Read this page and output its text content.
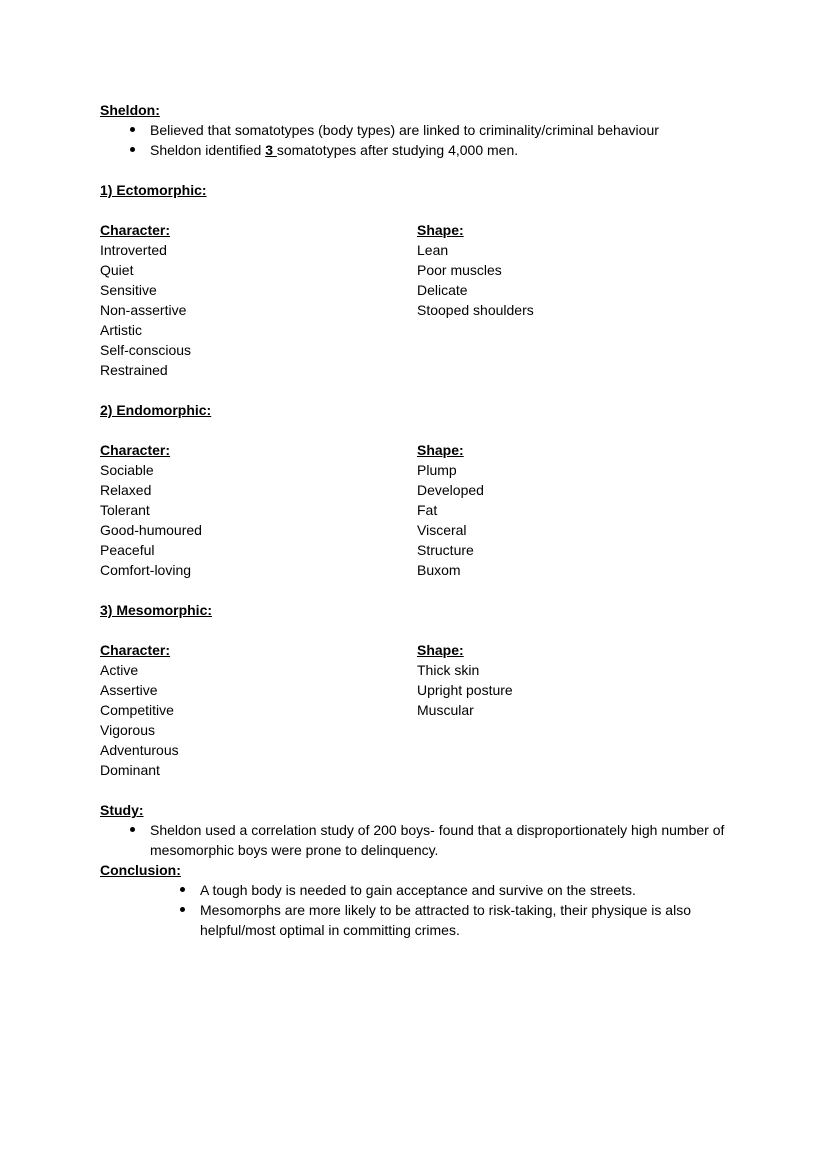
Sheldon:
Believed that somatotypes (body types) are linked to criminality/criminal behaviour
Sheldon identified 3 somatotypes after studying 4,000 men.
1) Ectomorphic:
Character:
Introverted
Quiet
Sensitive
Non-assertive
Artistic
Self-conscious
Restrained
Shape:
Lean
Poor muscles
Delicate
Stooped shoulders
2) Endomorphic:
Character:
Sociable
Relaxed
Tolerant
Good-humoured
Peaceful
Comfort-loving
Shape:
Plump
Developed
Fat
Visceral
Structure
Buxom
3) Mesomorphic:
Character:
Active
Assertive
Competitive
Vigorous
Adventurous
Dominant
Shape:
Thick skin
Upright posture
Muscular
Study:
Sheldon used a correlation study of 200 boys- found that a disproportionately high number of mesomorphic boys were prone to delinquency.
Conclusion:
A tough body is needed to gain acceptance and survive on the streets.
Mesomorphs are more likely to be attracted to risk-taking, their physique is also helpful/most optimal in committing crimes.
